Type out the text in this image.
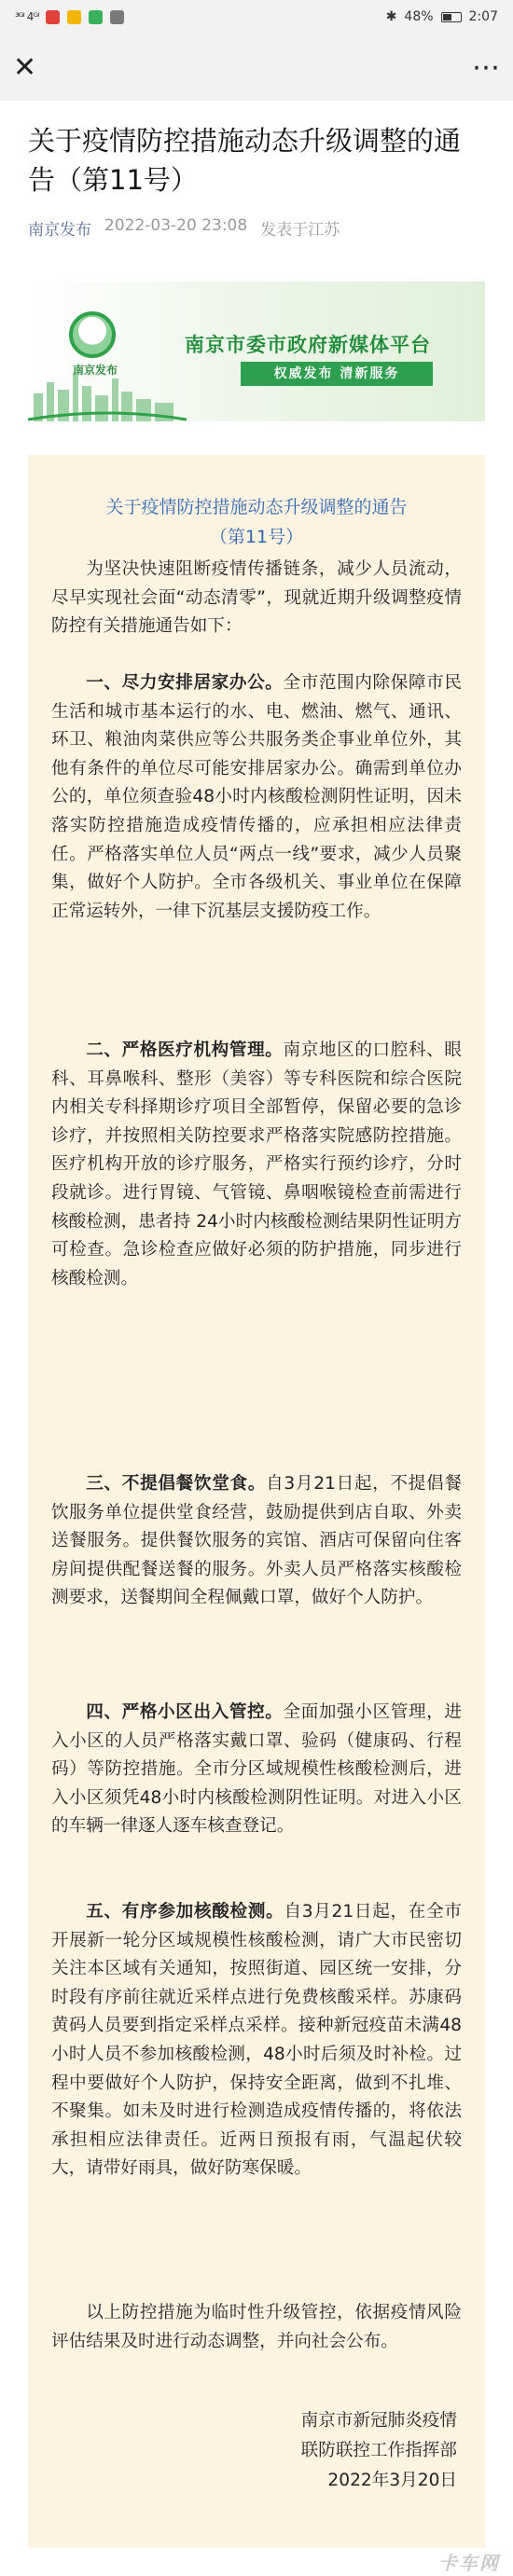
³ᴳᴵ 4ᴳᴵ	✱ 48%	2:07
✕	⋯
关于疫情防控措施动态升级调整的通告（第11号）
南京发布 2022-03-20 23:08 发表于江苏
南京发布
南京市委市政府新媒体平台
权威发布 清新服务
关于疫情防控措施动态升级调整的通告
（第11号）

为坚决快速阻断疫情传播链条，减少人员流动，尽早实现社会面“动态清零”，现就近期升级调整疫情防控有关措施通告如下：

一、尽力安排居家办公。全市范围内除保障市民生活和城市基本运行的水、电、燃油、燃气、通讯、环卫、粮油肉菜供应等公共服务类企事业单位外，其他有条件的单位尽可能安排居家办公。确需到单位办公的，单位须查验48小时内核酸检测阴性证明，因未落实防控措施造成疫情传播的，应承担相应法律责任。严格落实单位人员“两点一线”要求，减少人员聚集，做好个人防护。全市各级机关、事业单位在保障正常运转外，一律下沉基层支援防疫工作。

二、严格医疗机构管理。南京地区的口腔科、眼科、耳鼻喉科、整形（美容）等专科医院和综合医院内相关专科择期诊疗项目全部暂停，保留必要的急诊诊疗，并按照相关防控要求严格落实院感防控措施。医疗机构开放的诊疗服务，严格实行预约诊疗，分时段就诊。进行胃镜、气管镜、鼻咽喉镜检查前需进行核酸检测，患者持 24小时内核酸检测结果阴性证明方可检查。急诊检查应做好必须的防护措施，同步进行核酸检测。

三、不提倡餐饮堂食。自3月21日起，不提倡餐饮服务单位提供堂食经营，鼓励提供到店自取、外卖送餐服务。提供餐饮服务的宾馆、酒店可保留向住客房间提供配餐送餐的服务。外卖人员严格落实核酸检测要求，送餐期间全程佩戴口罩，做好个人防护。

四、严格小区出入管控。全面加强小区管理，进入小区的人员严格落实戴口罩、验码（健康码、行程码）等防控措施。全市分区域规模性核酸检测后，进入小区须凭48小时内核酸检测阴性证明。对进入小区的车辆一律逐人逐车核查登记。

五、有序参加核酸检测。自3月21日起，在全市开展新一轮分区域规模性核酸检测，请广大市民密切关注本区域有关通知，按照街道、园区统一安排，分时段有序前往就近采样点进行免费核酸采样。苏康码黄码人员要到指定采样点采样。接种新冠疫苗未满48小时人员不参加核酸检测，48小时后须及时补检。过程中要做好个人防护，保持安全距离，做到不扎堆、不聚集。如未及时进行检测造成疫情传播的，将依法承担相应法律责任。近两日预报有雨，气温起伏较大，请带好雨具，做好防寒保暖。

以上防控措施为临时性升级管控，依据疫情风险评估结果及时进行动态调整，并向社会公布。

南京市新冠肺炎疫情
联防联控工作指挥部
2022年3月20日
卡车网
